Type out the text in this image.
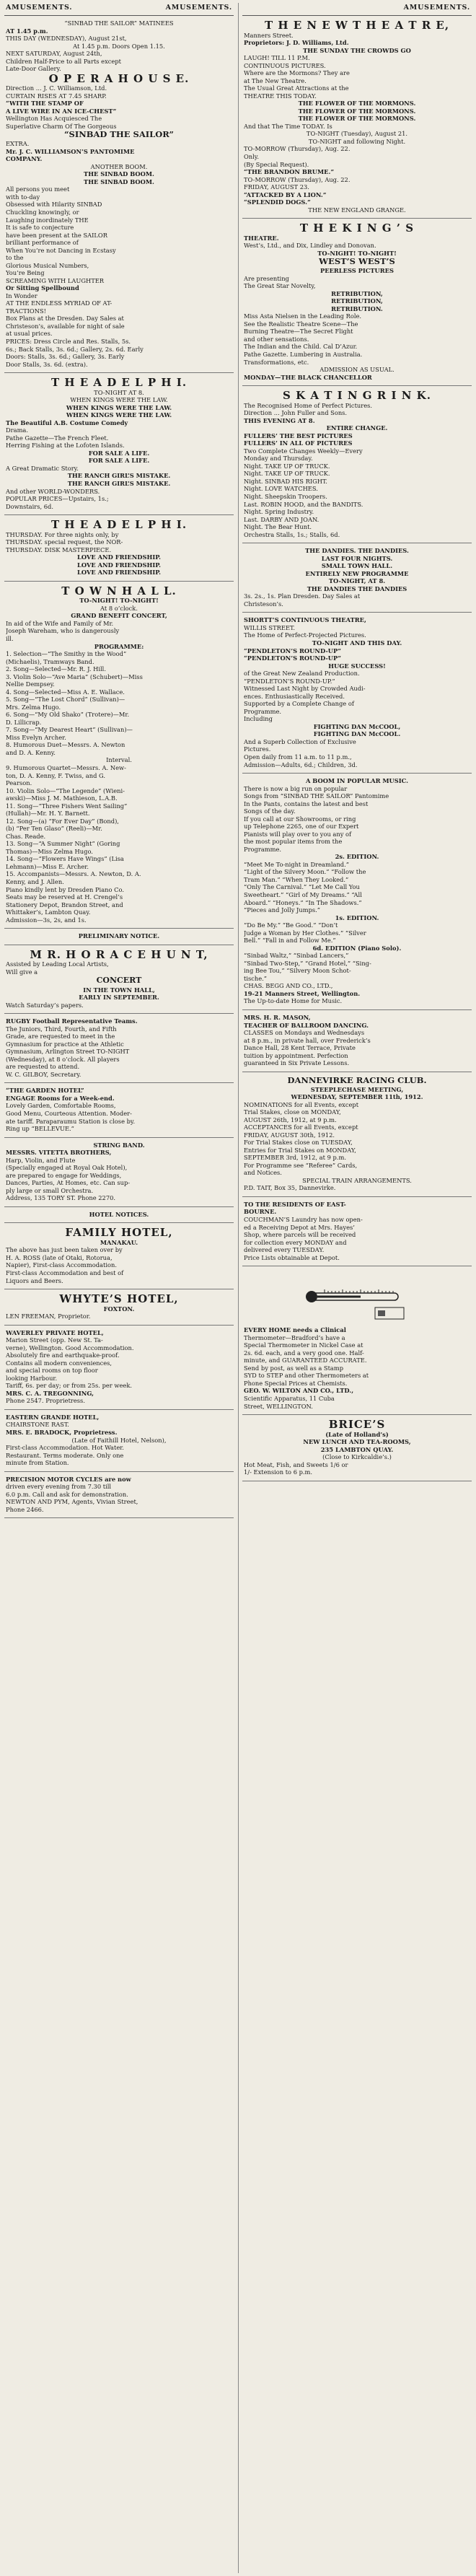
AMUSEMENTS.	AMUSEMENTS.
“SINBAD THE SAILOR” MATINEES
AT 1.45 p.m.
THIS DAY (WEDNESDAY), August 21st,
At 1.45 p.m. Doors Open 1.15.
NEXT SATURDAY, August 24th,
Children Half-Price to all Parts except
Late-Door Gallery.
O P E R A H O U S E.
Direction ... J. C. Williamson, Ltd.
CURTAIN RISES AT 7.45 SHARP.
“WITH THE STAMP OF
A LIVE WIRE IN AN ICE-CHEST”
Wellington Has Acquiesced The
Superlative Charm Of The Gorgeous
“SINBAD THE SAILOR”
EXTRA.
Mr. J. C. WILLIAMSON’S PANTOMIME
COMPANY.
ANOTHER BOOM.
THE SINBAD BOOM.
THE SINBAD BOOM.
All persons you meet
with to-day
Obsessed with Hilarity SINBAD
Chuckling knowingly, or
Laughing inordinately THE
It is safe to conjecture
have been present at the SAILOR
brilliant performance of
When You’re not Dancing in Ecstasy
to the
Glorious Musical Numbers,
You’re Being
SCREAMING WITH LAUGHTER
Or Sitting Spellbound
In Wonder
AT THE ENDLESS MYRIAD OF AT-
TRACTIONS!
Box Plans at the Dresden. Day Sales at
Christeson’s, available for night of sale
at usual prices.
PRICES: Dress Circle and Res. Stalls, 5s.
6s.; Back Stalls, 3s. 6d.; Gallery, 2s. 6d. Early
Doors: Stalls, 3s. 6d.; Gallery, 3s. Early
Door Stalls, 3s. 6d. (extra).
T H E A D E L P H I.
TO-NIGHT AT 8.
WHEN KINGS WERE THE LAW.
WHEN KINGS WERE THE LAW.
WHEN KINGS WERE THE LAW.
The Beautiful A.B. Costume Comedy
Drama.
Pathe Gazette—The French Fleet.
Herring Fishing at the Lofoten Islands.
FOR SALE A LIFE.
FOR SALE A LIFE.
A Great Dramatic Story.
THE RANCH GIRL’S MISTAKE.
THE RANCH GIRL’S MISTAKE.
And other WORLD-WONDERS.
POPULAR PRICES—Upstairs, 1s.;
Downstairs, 6d.
T H E A D E L P H I.
THURSDAY. For three nights only, by
THURSDAY. special request, the NOR-
THURSDAY. DISK MASTERPIECE.
LOVE AND FRIENDSHIP.
LOVE AND FRIENDSHIP.
LOVE AND FRIENDSHIP.
T O W N H A L L.
TO-NIGHT! TO-NIGHT!
At 8 o’clock.
GRAND BENEFIT CONCERT,
In aid of the Wife and Family of Mr.
Joseph Wareham, who is dangerously
ill.
PROGRAMME:
1. Selection—“The Smithy in the Wood”
(Michaelis), Tramways Band.
2. Song—Selected—Mr. R. J. Hill.
3. Violin Solo—“Ave Maria” (Schubert)—Miss
Nellie Dempsey.
4. Song—Selected—Miss A. E. Wallace.
5. Song—“The Lost Chord” (Sullivan)—
Mrs. Zelma Hugo.
6. Song—“My Old Shako” (Trotere)—Mr.
D. Lillicrap.
7. Song—“My Dearest Heart” (Sullivan)—
Miss Evelyn Archer.
8. Humorous Duet—Messrs. A. Newton
and D. A. Kenny.
Interval.
9. Humorous Quartet—Messrs. A. New-
ton, D. A. Kenny, F. Twiss, and G.
Pearson.
10. Violin Solo—“The Legende” (Wieni-
awski)—Miss J. M. Mathieson, L.A.B.
11. Song—“Three Fishers Went Sailing”
(Hullah)—Mr. H. Y. Barnett.
12. Song—(a) “For Ever Day” (Bond),
(b) “Per Ten Glaso” (Reeli)—Mr.
Chas. Reade.
13. Song—“A Summer Night” (Goring
Thomas)—Miss Zelma Hugo.
14. Song—“Flowers Have Wings” (Lisa
Lehmann)—Miss E. Archer.
15. Accompanists—Messrs. A. Newton, D. A.
Kenny, and J. Allen.
Piano kindly lent by Dresden Piano Co.
Seats may be reserved at H. Crengel’s
Stationery Depot, Brandon Street, and
Whittaker’s, Lambton Quay.
Admission—3s, 2s, and 1s.
PRELIMINARY NOTICE.
M R. H O R A C E H U N T,
Assisted by Leading Local Artists,
Will give a
CONCERT
IN THE TOWN HALL,
EARLY IN SEPTEMBER.
Watch Saturday’s papers.
RUGBY Football Representative Teams.
The Juniors, Third, Fourth, and Fifth
Grade, are requested to meet in the
Gymnasium for practice at the Athletic
Gymnasium, Arlington Street TO-NIGHT
(Wednesday), at 8 o’clock. All players
are requested to attend.
W. C. GILBOY, Secretary.
“THE GARDEN HOTEL”
ENGAGE Rooms for a Week-end.
Lovely Garden, Comfortable Rooms,
Good Menu, Courteous Attention. Moder-
ate tariff. Paraparaumu Station is close by.
Ring up “BELLEVUE.”
STRING BAND.
MESSRS. VITETTA BROTHERS,
Harp, Violin, and Flute
(Specially engaged at Royal Oak Hotel),
are prepared to engage for Weddings,
Dances, Parties, At Homes, etc. Can sup-
ply large or small Orchestra.
Address, 135 TORY ST. Phone 2270.
HOTEL NOTICES.
FAMILY HOTEL,
MANAKAU.
The above has just been taken over by
H. A. ROSS (late of Otaki, Rotorua,
Napier), First-class Accommodation.
First-class Accommodation and best of
Liquors and Beers.
WHYTE’S HOTEL,
FOXTON.
LEN FREEMAN, Proprietor.
WAVERLEY PRIVATE HOTEL,
Marion Street (opp. New St. Ta-
verne), Wellington. Good Accommodation.
Absolutely fire and earthquake-proof.
Contains all modern conveniences,
and special rooms on top floor
looking Harbour.
Tariff, 6s. per day; or from 25s. per week.
MRS. C. A. TREGONNING,
Phone 2547. Proprietress.
EASTERN GRANDE HOTEL,
CHAIRSTONE RAST.
MRS. E. BRADOCK, Proprietress.
(Late of Faithill Hotel, Nelson),
First-class Accommodation. Hot Water.
Restaurant. Terms moderate. Only one
minute from Station.
PRECISION MOTOR CYCLES are now
driven every evening from 7.30 till
6.0 p.m. Call and ask for demonstration.
NEWTON AND PYM, Agents, Vivian Street,
Phone 2466.
AMUSEMENTS.
T H E N E W T H E A T R E,
Manners Street.
Proprietors: J. D. Williams, Ltd.
THE SUNDAY THE CROWDS GO
LAUGH! TILL 11 P.M.
CONTINUOUS PICTURES.
Where are the Mormons? They are
at The New Theatre.
The Usual Great Attractions at the
THEATRE THIS TODAY.
THE FLOWER OF THE MORMONS.
THE FLOWER OF THE MORMONS.
THE FLOWER OF THE MORMONS.
And that The Time TODAY. Is
TO-NIGHT (Tuesday), August 21.
TO-NIGHT and following Night.
TO-MORROW (Thursday), Aug. 22.
Only.
(By Special Request).
“THE BRANDON BRUME.”
TO-MORROW (Thursday), Aug. 22.
FRIDAY, AUGUST 23.
“ATTACKED BY A LION.”
“SPLENDID DOGS.”
THE NEW ENGLAND GRANGE.
T H E K I N G ’ S
THEATRE.
West’s, Ltd., and Dix, Lindley and Donovan.
TO-NIGHT! TO-NIGHT!
WEST’S WEST’S
PEERLESS PICTURES
Are presenting
The Great Star Novelty,
RETRIBUTION,
RETRIBUTION,
RETRIBUTION.
Miss Asta Nielsen in the Leading Role.
See the Realistic Theatre Scene—The
Burning Theatre—The Secret Flight
and other sensations.
The Indian and the Child. Cal D’Azur.
Pathe Gazette. Lumbering in Australia.
Transformations, etc.
ADMISSION AS USUAL.
MONDAY—THE BLACK CHANCELLOR
S K A T I N G R I N K.
The Recognised Home of Perfect Pictures.
Direction ... John Fuller and Sons.
THIS EVENING AT 8.
ENTIRE CHANGE.
FULLERS’ THE BEST PICTURES
FULLERS’ IN ALL OF PICTURES
Two Complete Changes Weekly—Every
Monday and Thursday.
Night. TAKE UP OF TRUCK.
Night. TAKE UP OF TRUCK.
Night. SINBAD HIS RIGHT.
Night. LOVE WATCHES.
Night. Sheepskin Troopers.
Last. ROBIN HOOD, and the BANDITS.
Night. Spring Industry.
Last. DARBY AND JOAN.
Night. The Bear Hunt.
Orchestra Stalls, 1s.; Stalls, 6d.
THE DANDIES. THE DANDIES.
LAST FOUR NIGHTS.
SMALL TOWN HALL.
ENTIRELY NEW PROGRAMME
TO-NIGHT, AT 8.
THE DANDIES THE DANDIES
3s. 2s., 1s. Plan Dresden. Day Sales at
Christeson’s.
SHORTT’S CONTINUOUS THEATRE,
WILLIS STREET.
The Home of Perfect-Projected Pictures.
TO-NIGHT AND THIS DAY.
“PENDLETON’S ROUND-UP”
“PENDLETON’S ROUND-UP”
HUGE SUCCESS!
of the Great New Zealand Production.
“PENDLETON’S ROUND-UP.”
Witnessed Last Night by Crowded Audi-
ences. Enthusiastically Received.
Supported by a Complete Change of
Programme.
Including
FIGHTING DAN McCOOL,
FIGHTING DAN McCOOL.
And a Superb Collection of Exclusive
Pictures.
Open daily from 11 a.m. to 11 p.m.,
Admission—Adults, 6d.; Children, 3d.
A BOOM IN POPULAR MUSIC.
There is now a big run on popular
Songs from “SINBAD THE SAILOR” Pantomime
In the Pants, contains the latest and best
Songs of the day.
If you call at our Showrooms, or ring
up Telephone 2265, one of our Expert
Pianists will play over to you any of
the most popular items from the
Programme.
2s. EDITION.
“Meet Me To-night in Dreamland.”
“Light of the Silvery Moon.” “Follow the
Tram Man.” “When They Looked.”
“Only The Carnival.” “Let Me Call You
Sweetheart.” “Girl of My Dreams.” “All
Aboard.” “Honeys.” “In The Shadows.”
“Pieces and Jolly Jumps.”
1s. EDITION.
“Do Be My.” “Be Good.” “Don’t
Judge a Woman by Her Clothes.” “Silver
Bell.” “Fall in and Follow Me.”
6d. EDITION (Piano Solo).
“Sinbad Waltz,” “Sinbad Lancers,”
“Sinbad Two-Step,” “Grand Hotel,” “Sing-
ing Bee Tou,” “Silvery Moon Schot-
tische.”
CHAS. BEGG AND CO., LTD.,
19-21 Manners Street, Wellington.
The Up-to-date Home for Music.
MRS. H. R. MASON,
TEACHER OF BALLROOM DANCING.
CLASSES on Mondays and Wednesdays
at 8 p.m., in private hall, over Frederick’s
Dance Hall, 28 Kent Terrace, Private
tuition by appointment. Perfection
guaranteed in Six Private Lessons.
DANNEVIRKE RACING CLUB.
STEEPLECHASE MEETING,
WEDNESDAY, SEPTEMBER 11th, 1912.
NOMINATIONS for all Events, except
Trial Stakes, close on MONDAY,
AUGUST 26th, 1912, at 9 p.m.
ACCEPTANCES for all Events, except
FRIDAY, AUGUST 30th, 1912.
For Trial Stakes close on TUESDAY,
Entries for Trial Stakes on MONDAY,
SEPTEMBER 3rd, 1912, at 9 p.m.
For Programme see “Referee” Cards,
and Notices.
SPECIAL TRAIN ARRANGEMENTS.
P.D. TAIT, Box 35, Dannevirke.
TO THE RESIDENTS OF EAST-
BOURNE.
COUCHMAN’S Laundry has now open-
ed a Receiving Depot at Mrs. Hayes’
Shop, where parcels will be received
for collection every MONDAY and
delivered every TUESDAY.
Price Lists obtainable at Depot.
EVERY HOME needs a Clinical
Thermometer—Bradford’s have a
Special Thermometer in Nickel Case at
2s. 6d. each, and a very good one. Half-
minute, and GUARANTEED ACCURATE.
Send by post, as well as a Stamp
SYD to STEP and other Thermometers at
Phone Special Prices at Chemists.
GEO. W. WILTON AND CO., LTD.,
Scientific Apparatus, 11 Cuba
Street, WELLINGTON.
BRICE’S
(Late of Holland’s)
NEW LUNCH AND TEA-ROOMS,
235 LAMBTON QUAY.
(Close to Kirkcaldie’s.)
Hot Meat, Fish, and Sweets 1/6 or
1/- Extension to 6 p.m.
